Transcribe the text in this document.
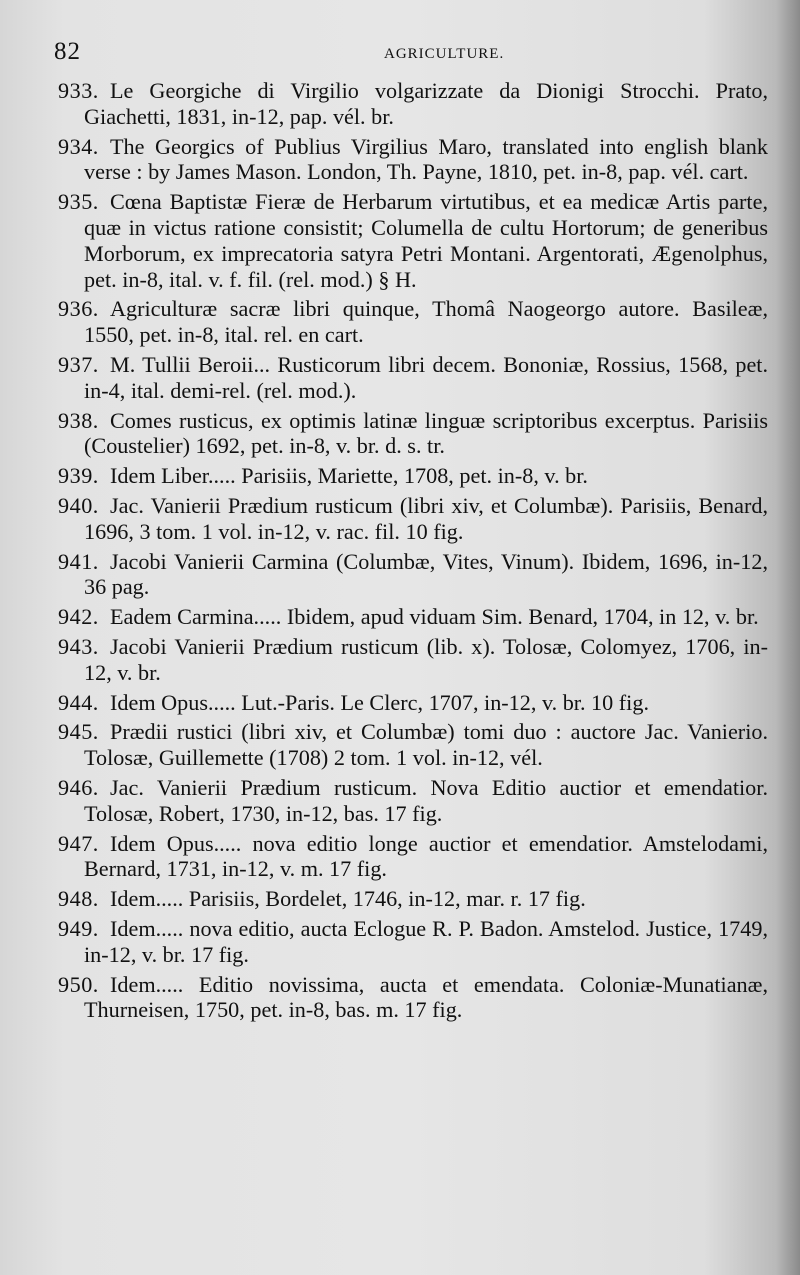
82	AGRICULTURE.

933. Le Georgiche di Virgilio volgarizzate da Dionigi Strocchi. Prato, Giachetti, 1831, in-12, pap. vél. br.

934. The Georgics of Publius Virgilius Maro, translated into english blank verse : by James Mason. London, Th. Payne, 1810, pet. in-8, pap. vél. cart.

935. Cœna Baptistæ Fieræ de Herbarum virtutibus, et ea medicæ Artis parte, quæ in victus ratione consistit; Columella de cultu Hortorum; de generibus Morborum, ex imprecatoria satyra Petri Montani. Argentorati, Ægenolphus, pet. in-8, ital. v. f. fil. (rel. mod.) § H.

936. Agriculturæ sacræ libri quinque, Thomâ Naogeorgo autore. Basileæ, 1550, pet. in-8, ital. rel. en cart.

937. M. Tullii Beroii... Rusticorum libri decem. Bononiæ, Rossius, 1568, pet. in-4, ital. demi-rel. (rel. mod.).

938. Comes rusticus, ex optimis latinæ linguæ scriptoribus excerptus. Parisiis (Coustelier) 1692, pet. in-8, v. br. d. s. tr.

939. Idem Liber..... Parisiis, Mariette, 1708, pet. in-8, v. br.

940. Jac. Vanierii Prædium rusticum (libri xiv, et Columbæ). Parisiis, Benard, 1696, 3 tom. 1 vol. in-12, v. rac. fil. 10 fig.

941. Jacobi Vanierii Carmina (Columbæ, Vites, Vinum). Ibidem, 1696, in-12, 36 pag.

942. Eadem Carmina..... Ibidem, apud viduam Sim. Benard, 1704, in 12, v. br.

943. Jacobi Vanierii Prædium rusticum (lib. x). Tolosæ, Colomyez, 1706, in-12, v. br.

944. Idem Opus..... Lut.-Paris. Le Clerc, 1707, in-12, v. br. 10 fig.

945. Prædii rustici (libri xiv, et Columbæ) tomi duo : auctore Jac. Vanierio. Tolosæ, Guillemette (1708) 2 tom. 1 vol. in-12, vél.

946. Jac. Vanierii Prædium rusticum. Nova Editio auctior et emendatior. Tolosæ, Robert, 1730, in-12, bas. 17 fig.

947. Idem Opus..... nova editio longe auctior et emendatior. Amstelodami, Bernard, 1731, in-12, v. m. 17 fig.

948. Idem..... Parisiis, Bordelet, 1746, in-12, mar. r. 17 fig.

949. Idem..... nova editio, aucta Eclogue R. P. Badon. Amstelod. Justice, 1749, in-12, v. br. 17 fig.

950. Idem..... Editio novissima, aucta et emendata. Coloniæ-Munatianæ, Thurneisen, 1750, pet. in-8, bas. m. 17 fig.
